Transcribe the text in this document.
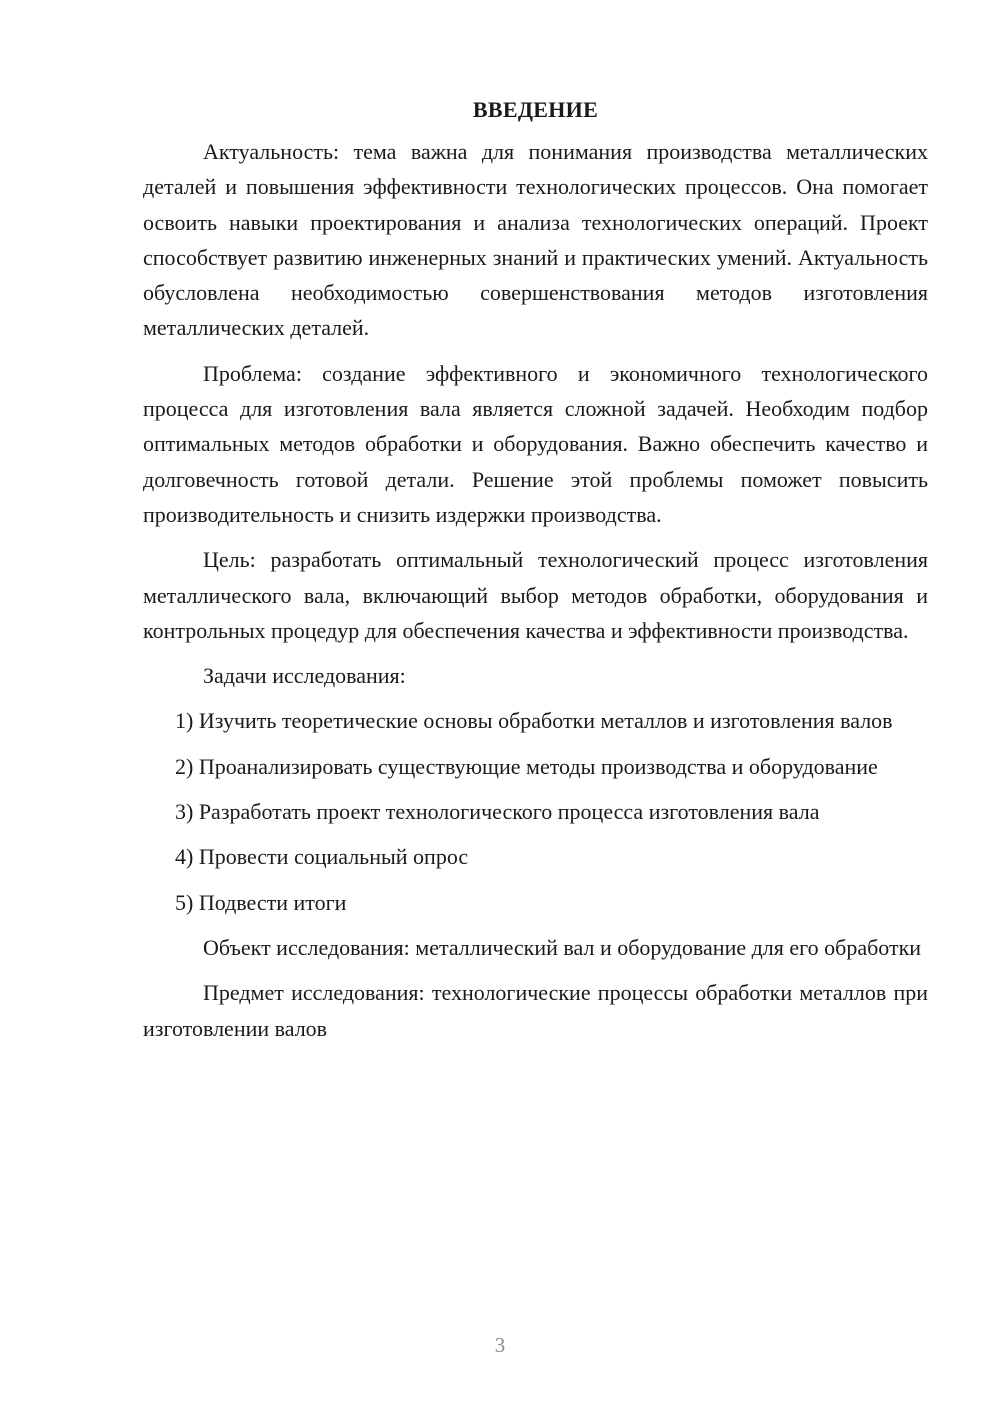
ВВЕДЕНИЕ

Актуальность: тема важна для понимания производства металлических деталей и повышения эффективности технологических процессов. Она помогает освоить навыки проектирования и анализа технологических операций. Проект способствует развитию инженерных знаний и практических умений. Актуальность обусловлена необходимостью совершенствования методов изготовления металлических деталей.

Проблема: создание эффективного и экономичного технологического процесса для изготовления вала является сложной задачей. Необходим подбор оптимальных методов обработки и оборудования. Важно обеспечить качество и долговечность готовой детали. Решение этой проблемы поможет повысить производительность и снизить издержки производства.

Цель: разработать оптимальный технологический процесс изготовления металлического вала, включающий выбор методов обработки, оборудования и контрольных процедур для обеспечения качества и эффективности производства.

Задачи исследования:

1) Изучить теоретические основы обработки металлов и изготовления валов

2) Проанализировать существующие методы производства и оборудование

3) Разработать проект технологического процесса изготовления вала

4) Провести социальный опрос

5) Подвести итоги

Объект исследования: металлический вал и оборудование для его обработки

Предмет исследования: технологические процессы обработки металлов при изготовлении валов

3
